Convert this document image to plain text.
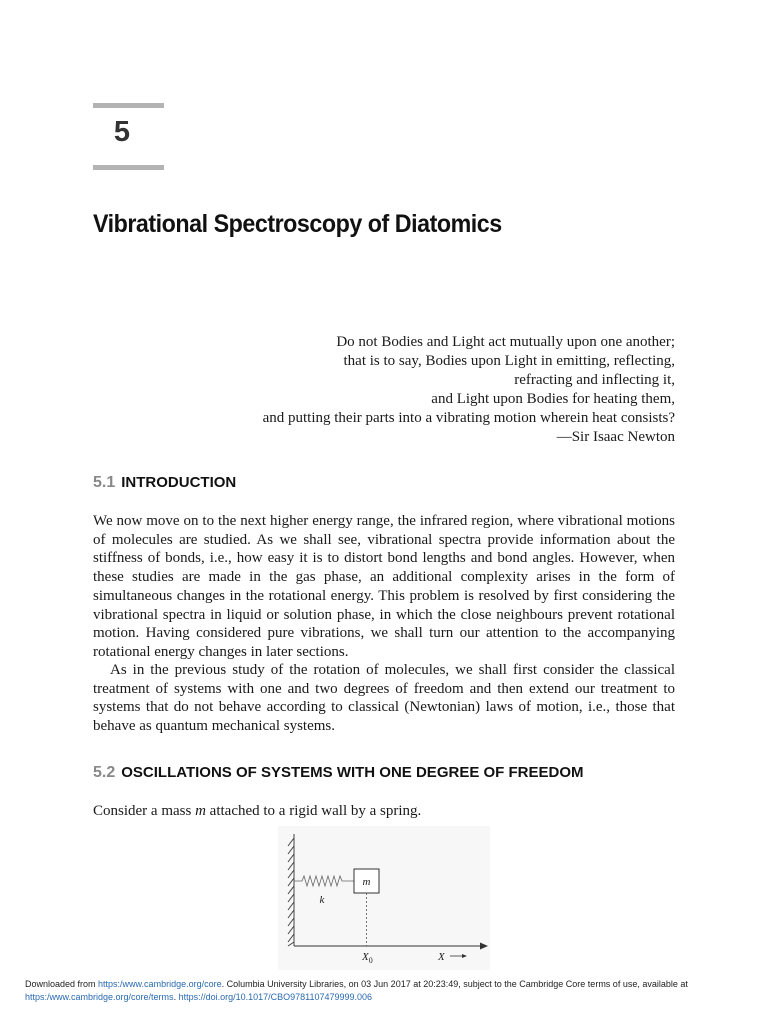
5
Vibrational Spectroscopy of Diatomics
Do not Bodies and Light act mutually upon one another;
that is to say, Bodies upon Light in emitting, reflecting,
refracting and inflecting it,
and Light upon Bodies for heating them,
and putting their parts into a vibrating motion wherein heat consists?
—Sir Isaac Newton
5.1 INTRODUCTION

We now move on to the next higher energy range, the infrared region, where vibrational motions of molecules are studied. As we shall see, vibrational spectra provide information about the stiffness of bonds, i.e., how easy it is to distort bond lengths and bond angles. However, when these studies are made in the gas phase, an additional complexity arises in the form of simultaneous changes in the rotational energy. This problem is resolved by first considering the vibrational spectra in liquid or solution phase, in which the close neighbours prevent rotational motion. Having considered pure vibrations, we shall turn our attention to the accompanying rotational energy changes in later sections.

As in the previous study of the rotation of molecules, we shall first consider the classical treatment of systems with one and two degrees of freedom and then extend our treatment to systems that do not behave according to classical (Newtonian) laws of motion, i.e., those that behave as quantum mechanical systems.

5.2 OSCILLATIONS OF SYSTEMS WITH ONE DEGREE OF FREEDOM

Consider a mass m attached to a rigid wall by a spring.

m
k
$X_0$	X
Downloaded from https:/www.cambridge.org/core. Columbia University Libraries, on 03 Jun 2017 at 20:23:49, subject to the Cambridge Core terms of use, available at
https:/www.cambridge.org/core/terms. https://doi.org/10.1017/CBO9781107479999.006
